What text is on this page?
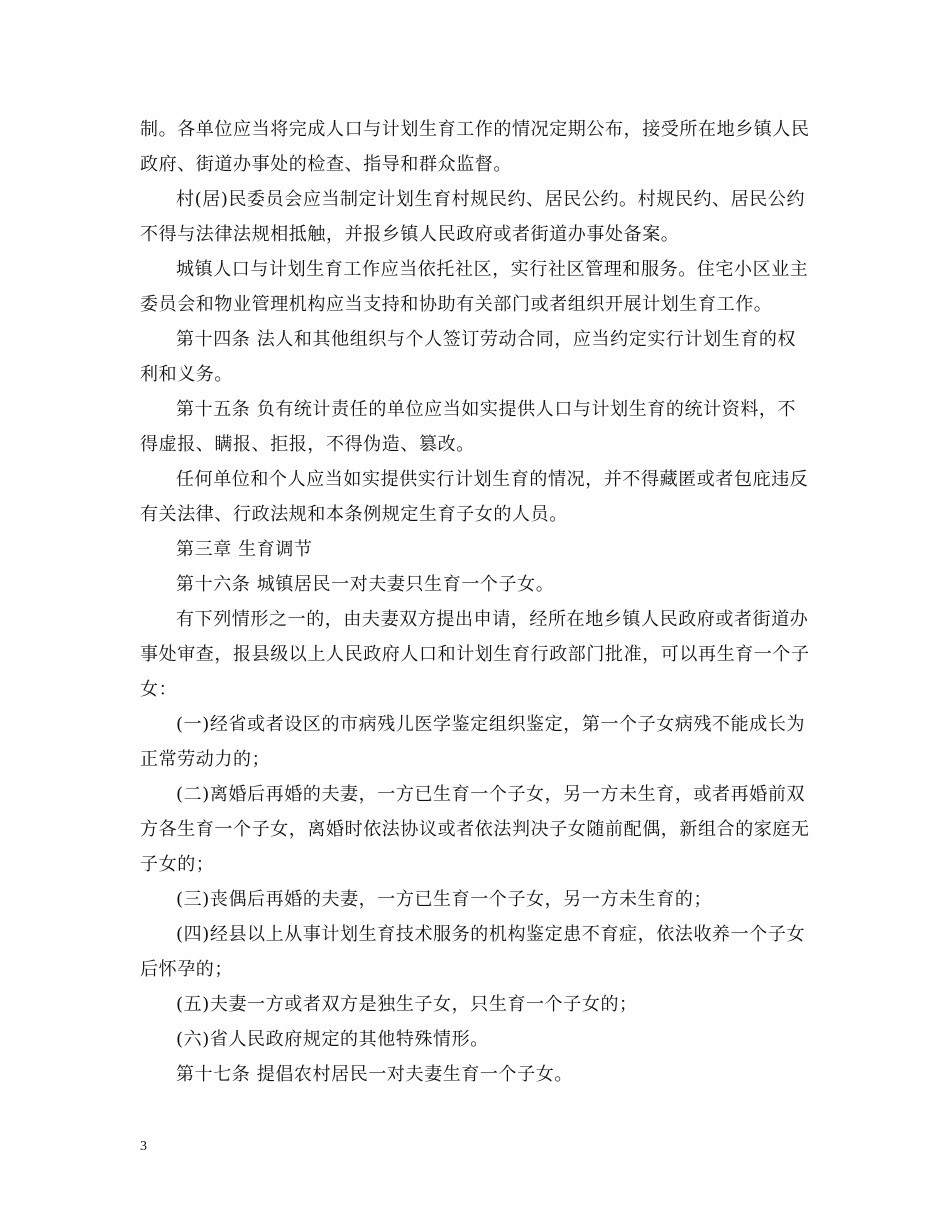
制。各单位应当将完成人口与计划生育工作的情况定期公布，接受所在地乡镇人民
政府、街道办事处的检查、指导和群众监督。
村(居)民委员会应当制定计划生育村规民约、居民公约。村规民约、居民公约
不得与法律法规相抵触，并报乡镇人民政府或者街道办事处备案。
城镇人口与计划生育工作应当依托社区，实行社区管理和服务。住宅小区业主
委员会和物业管理机构应当支持和协助有关部门或者组织开展计划生育工作。
第十四条 法人和其他组织与个人签订劳动合同，应当约定实行计划生育的权
利和义务。
第十五条 负有统计责任的单位应当如实提供人口与计划生育的统计资料，不
得虚报、瞒报、拒报，不得伪造、篡改。
任何单位和个人应当如实提供实行计划生育的情况，并不得藏匿或者包庇违反
有关法律、行政法规和本条例规定生育子女的人员。
第三章 生育调节
第十六条 城镇居民一对夫妻只生育一个子女。
有下列情形之一的，由夫妻双方提出申请，经所在地乡镇人民政府或者街道办
事处审查，报县级以上人民政府人口和计划生育行政部门批准，可以再生育一个子
女：
(一)经省或者设区的市病残儿医学鉴定组织鉴定，第一个子女病残不能成长为
正常劳动力的；
(二)离婚后再婚的夫妻，一方已生育一个子女，另一方未生育，或者再婚前双
方各生育一个子女，离婚时依法协议或者依法判决子女随前配偶，新组合的家庭无
子女的；
(三)丧偶后再婚的夫妻，一方已生育一个子女，另一方未生育的；
(四)经县以上从事计划生育技术服务的机构鉴定患不育症，依法收养一个子女
后怀孕的；
(五)夫妻一方或者双方是独生子女，只生育一个子女的；
(六)省人民政府规定的其他特殊情形。
第十七条 提倡农村居民一对夫妻生育一个子女。
3
